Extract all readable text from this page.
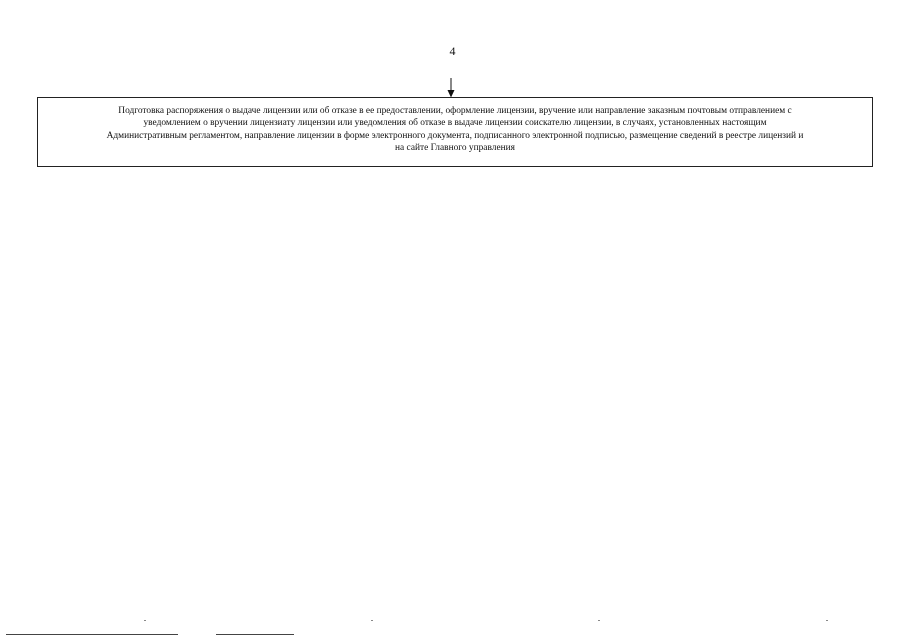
4
Подготовка распоряжения о выдаче лицензии или об отказе в ее предоставлении, оформление лицензии, вручение или направление заказным почтовым отправлением с
уведомлением о вручении лицензиату лицензии или уведомления об отказе в выдаче лицензии соискателю лицензии, в случаях, установленных настоящим
Административным регламентом, направление лицензии в форме электронного документа, подписанного электронной подписью, размещение сведений в реестре лицензий и
на сайте Главного управления
